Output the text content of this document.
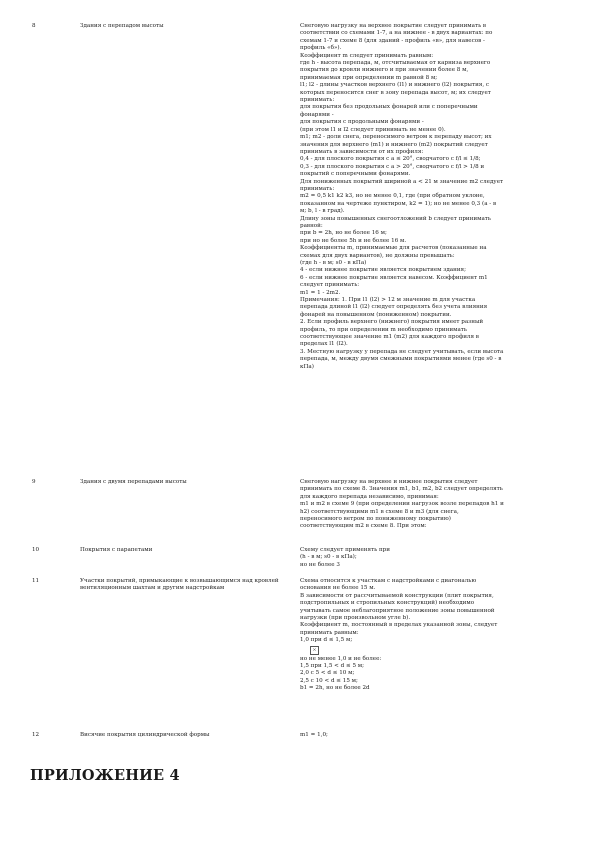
8	Здания с перепадом высоты	Снеговую нагрузку на верхнее покрытие следует принимать в
соответствии со схемами 1-7, а на нижнее - в двух вариантах: по
схемам 1-7 и схеме 8 (для зданий - профиль «в», для навесов -
профиль «б»).
Коэффициент m следует принимать равным:
где h - высота перепада, м, отсчитываемая от карниза верхнего
покрытия до кровли нижнего и при значении более 8 м,
принимаемая при определении m равной 8 м;
l1; l2 - длины участков верхнего (l1) и нижнего (l2) покрытия, с
которых переносится снег в зону перепада высот, м; их следует
принимать:
для покрытия без продольных фонарей или с поперечными
фонарями -
для покрытия с продольными фонарями -
(при этом l1 и l2 следует принимать не менее 0).
m1; m2 - доли снега, переносимого ветром к перепаду высот; их
значения для верхнего (m1) и нижнего (m2) покрытий следует
принимать в зависимости от их профиля:
0,4 - для плоского покрытия с a ≤ 20°, сводчатого с f/l ≤ 1/8;
0,3 - для плоского покрытия с a > 20°, сводчатого с f/l > 1/8 и
покрытий с поперечными фонарями.
Для пониженных покрытий шириной a < 21 м значение m2 следует
принимать:
m2 = 0,5 k1 k2 k3, но не менее 0,1, где (при обратном уклоне,
показанном на чертеже пунктиром, k2 = 1); но не менее 0,3 (a - в
м; b, l - в град).
Длину зоны повышенных снегоотложений b следует принимать
равной:
при b = 2h, но не более 16 м;
при но не более 5h и не более 16 м.
Коэффициенты m, принимаемые для расчетов (показанные на
схемах для двух вариантов), не должны превышать:
(где h - в м; s0 - в кПа)
4 - если нижнее покрытие является покрытием здания;
6 - если нижнее покрытие является навесом. Коэффициент m1
следует принимать:
m1 = 1 - 2m2.
Примечания: 1. При l1 (l2) > 12 м значение m для участка
перепада длиной l1 (l2) следует определять без учета влияния
фонарей на повышенном (пониженном) покрытии.
2. Если профиль верхнего (нижнего) покрытия имеет разный
профиль, то при определении m необходимо принимать
соответствующее значение m1 (m2) для каждого профиля в
пределах l1 (l2).
3. Местную нагрузку у перепада не следует учитывать, если высота
перепада, м, между двумя смежными покрытиями менее (где s0 - в
кПа)
9	Здания с двумя перепадами высоты	Снеговую нагрузку на верхнее и нижнее покрытия следует
принимать по схеме 8. Значения m1, b1, m2, b2 следует определять
для каждого перепада независимо, принимая:
m1 и m2 в схеме 9 (при определении нагрузок возле перепадов h1 и
h2) соответствующими m1 в схеме 8 и m3 (для снега,
переносимого ветром по пониженному покрытию)
соответствующим m2 в схеме 8. При этом:
10	Покрытия с парапетами	Схему следует применять при
(h - в м; s0 - в кПа);
но не более 3
11	Участки покрытий, примыкающие к возвышающимся над кровлей вентиляционным шахтам и другим надстройкам
Схема относится к участкам с надстройками с диагональю
основания не более 15 м.
В зависимости от рассчитываемой конструкции (плит покрытия,
подстропильных и стропильных конструкций) необходимо
учитывать самое неблагоприятное положение зоны повышенной
нагрузки (при произвольном угле b).
Коэффициент m, постоянный в пределах указанной зоны, следует
принимать равным:
1,0 при d ≤ 1,5 м;
×
но не менее 1,0 и не более:
1,5 при 1,5 < d ≤ 5 м;
2,0 с 5 < d ≤ 10 м;
2,5 с 10 < d ≤ 15 м;
b1 = 2h, но не более 2d
12	Висячие покрытия цилиндрической формы	m1 = 1,0;
ПРИЛОЖЕНИЕ 4
